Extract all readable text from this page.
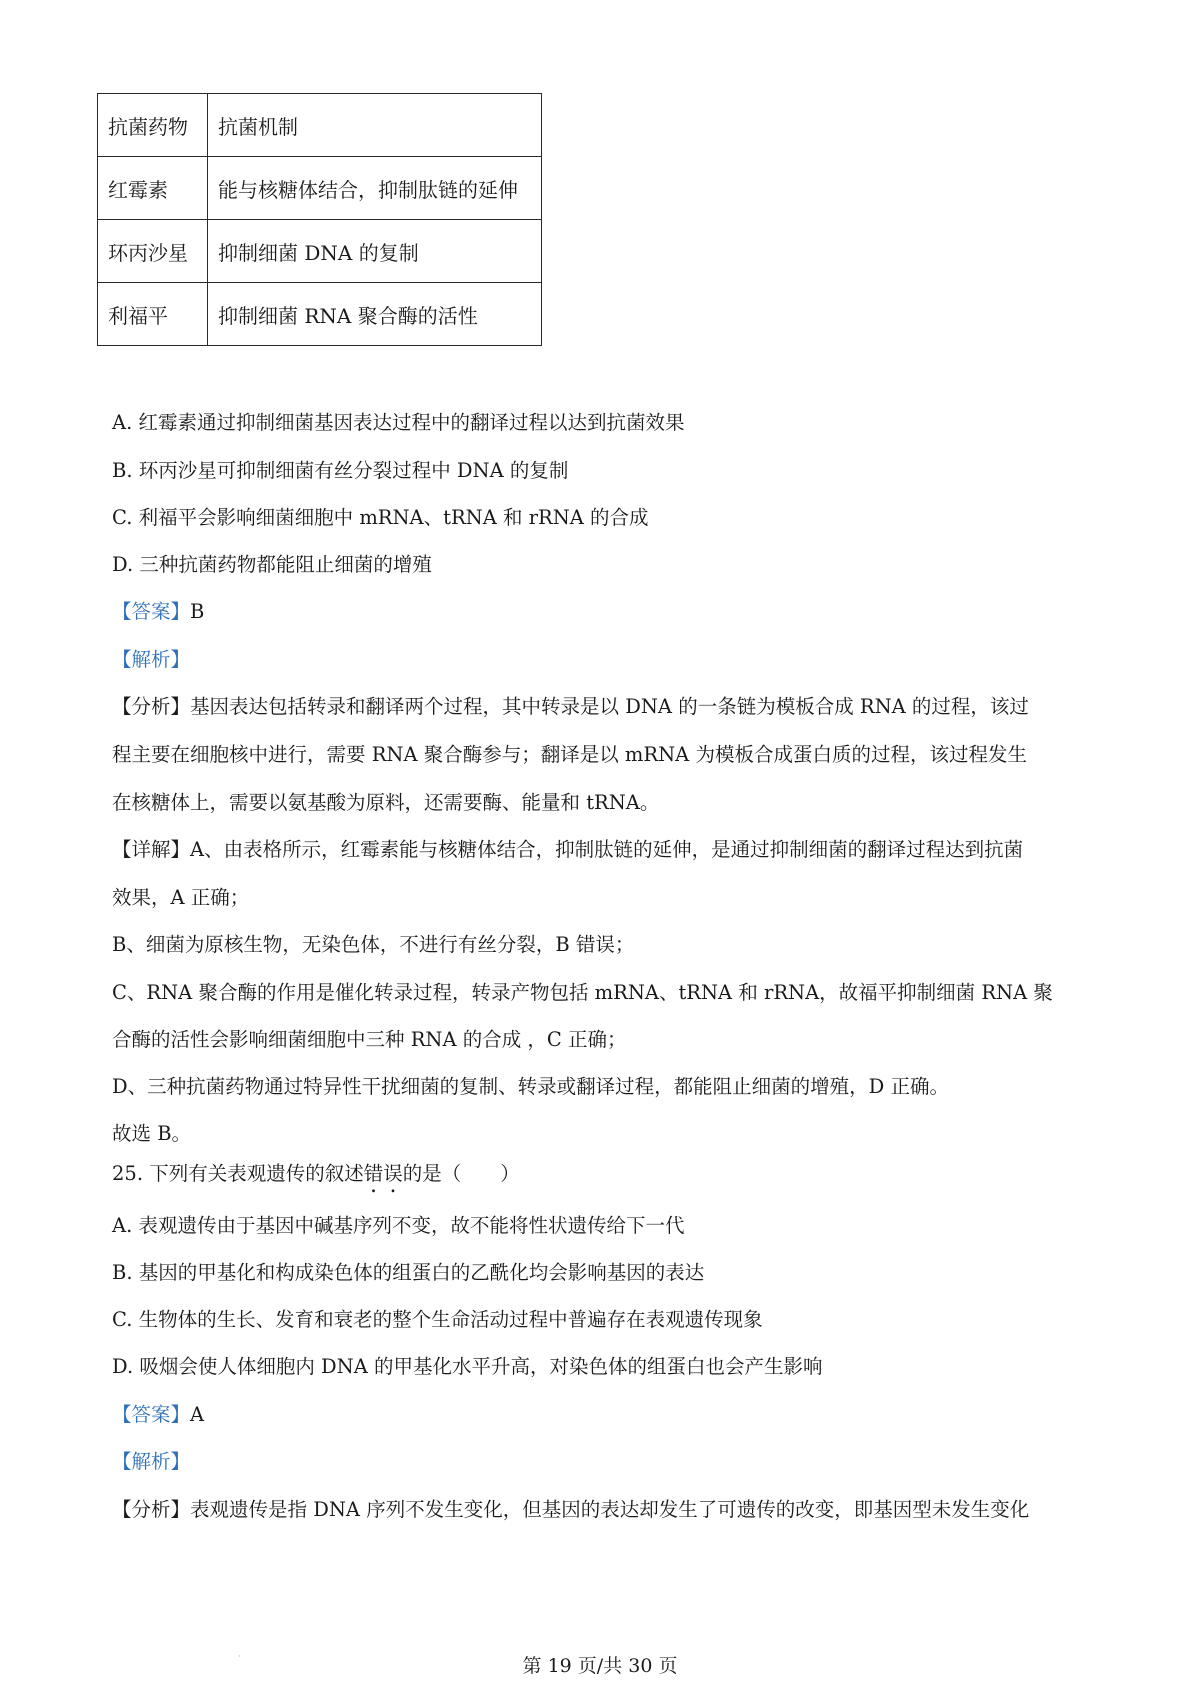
抗菌药物	抗菌机制
红霉素	能与核糖体结合，抑制肽链的延伸
环丙沙星	抑制细菌 DNA 的复制
利福平	抑制细菌 RNA 聚合酶的活性
A. 红霉素通过抑制细菌基因表达过程中的翻译过程以达到抗菌效果
B. 环丙沙星可抑制细菌有丝分裂过程中 DNA 的复制
C. 利福平会影响细菌细胞中 mRNA、tRNA 和 rRNA 的合成
D. 三种抗菌药物都能阻止细菌的增殖
【答案】B
【解析】
【分析】基因表达包括转录和翻译两个过程，其中转录是以 DNA 的一条链为模板合成 RNA 的过程，该过
程主要在细胞核中进行，需要 RNA 聚合酶参与；翻译是以 mRNA 为模板合成蛋白质的过程，该过程发生
在核糖体上，需要以氨基酸为原料，还需要酶、能量和 tRNA。
【详解】A、由表格所示，红霉素能与核糖体结合，抑制肽链的延伸，是通过抑制细菌的翻译过程达到抗菌
效果，A 正确；
B、细菌为原核生物，无染色体，不进行有丝分裂，B 错误；
C、RNA 聚合酶的作用是催化转录过程，转录产物包括 mRNA、tRNA 和 rRNA，故福平抑制细菌 RNA 聚
合酶的活性会影响细菌细胞中三种 RNA 的合成 ，C 正确；
D、三种抗菌药物通过特异性干扰细菌的复制、转录或翻译过程，都能阻止细菌的增殖，D 正确。
故选 B。
25. 下列有关表观遗传的叙述错误的是（　　）
A. 表观遗传由于基因中碱基序列不变，故不能将性状遗传给下一代
B. 基因的甲基化和构成染色体的组蛋白的乙酰化均会影响基因的表达
C. 生物体的生长、发育和衰老的整个生命活动过程中普遍存在表观遗传现象
D. 吸烟会使人体细胞内 DNA 的甲基化水平升高，对染色体的组蛋白也会产生影响
【答案】A
【解析】
【分析】表观遗传是指 DNA 序列不发生变化，但基因的表达却发生了可遗传的改变，即基因型未发生变化
第 19 页/共 30 页
·
